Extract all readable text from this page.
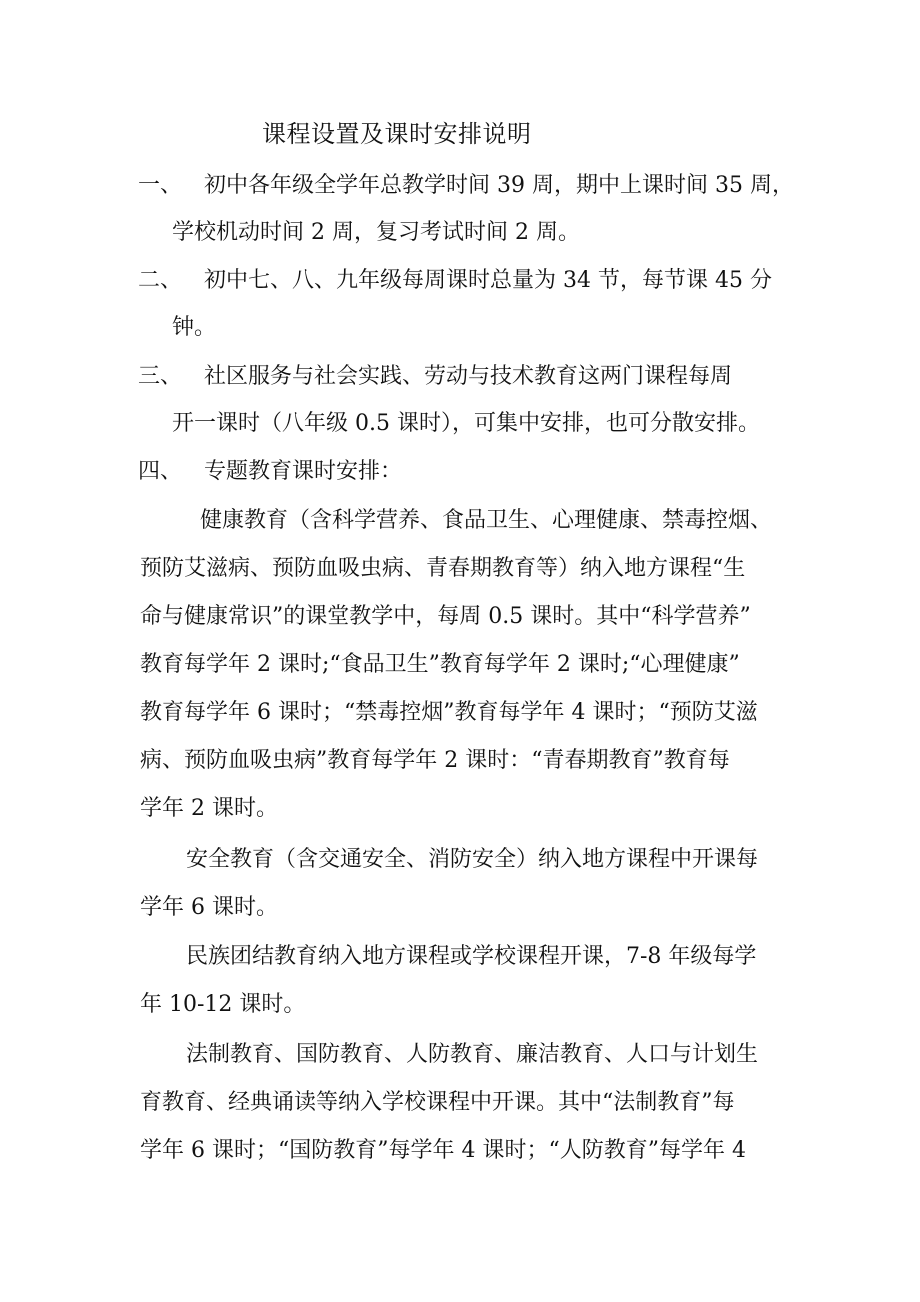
课程设置及课时安排说明
一、 初中各年级全学年总教学时间 39 周，期中上课时间 35 周，
学校机动时间 2 周，复习考试时间 2 周。
二、 初中七、八、九年级每周课时总量为 34 节，每节课 45 分
钟。
三、 社区服务与社会实践、劳动与技术教育这两门课程每周
开一课时（八年级 0.5 课时），可集中安排，也可分散安排。
四、 专题教育课时安排：
健康教育（含科学营养、食品卫生、心理健康、禁毒控烟、
预防艾滋病、预防血吸虫病、青春期教育等）纳入地方课程“生
命与健康常识”的课堂教学中，每周 0.5 课时。其中“科学营养”
教育每学年 2 课时;“食品卫生”教育每学年 2 课时;“心理健康”
教育每学年 6 课时；“禁毒控烟”教育每学年 4 课时；“预防艾滋
病、预防血吸虫病”教育每学年 2 课时：“青春期教育”教育每
学年 2 课时。
安全教育（含交通安全、消防安全）纳入地方课程中开课每
学年 6 课时。
民族团结教育纳入地方课程或学校课程开课，7-8 年级每学
年 10-12 课时。
法制教育、国防教育、人防教育、廉洁教育、人口与计划生
育教育、经典诵读等纳入学校课程中开课。其中“法制教育”每
学年 6 课时；“国防教育”每学年 4 课时；“人防教育”每学年 4
